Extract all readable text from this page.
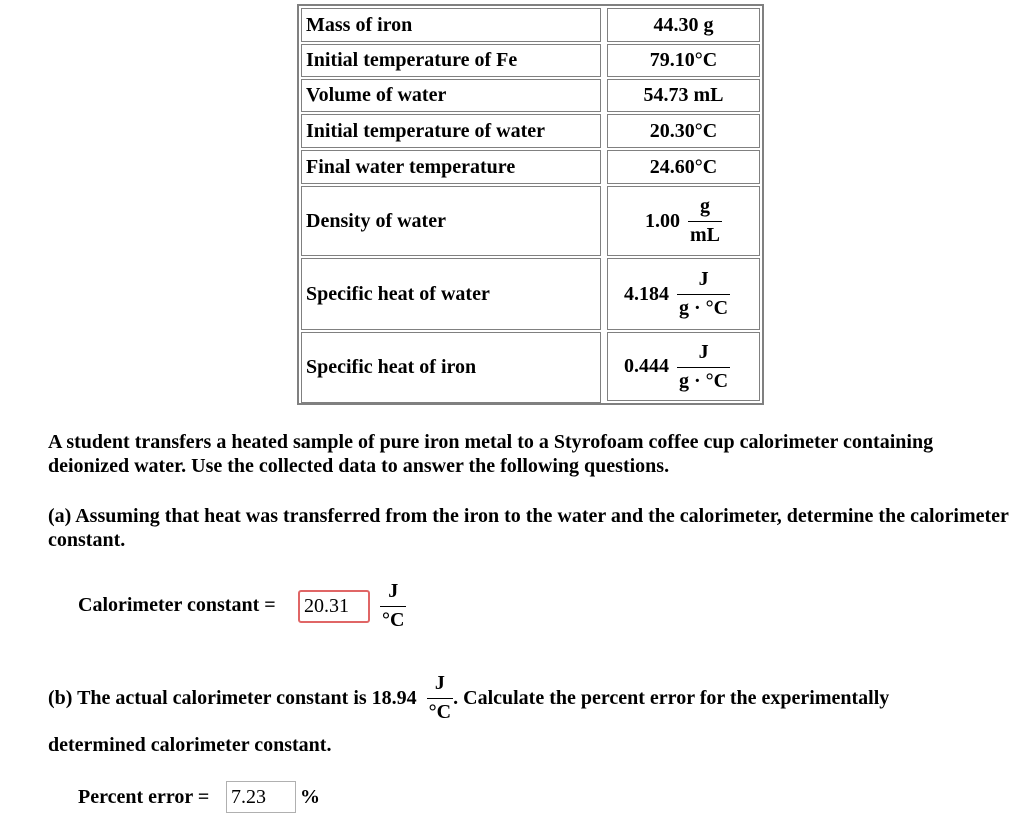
Mass of iron	44.30 g
Initial temperature of Fe	79.10°C
Volume of water	54.73 mL
Initial temperature of water	20.30°C
Final water temperature	24.60°C
Density of water	$1.00 \frac{g}{mL}$
Specific heat of water	$4.184 \frac{J}{g \cdot ^\circ C}$
Specific heat of iron	$0.444 \frac{J}{g \cdot ^\circ C}$
A student transfers a heated sample of pure iron metal to a Styrofoam coffee cup calorimeter containing deionized water. Use the collected data to answer the following questions.
(a) Assuming that heat was transferred from the iron to the water and the calorimeter, determine the calorimeter constant.
Calorimeter constant =	20.31	$\frac{J}{^\circ C}$
(b) The actual calorimeter constant is $18.94 \frac{J}{^\circ C}$ . Calculate the percent error for the experimentally
determined calorimeter constant.
Percent error = 7.23	%
